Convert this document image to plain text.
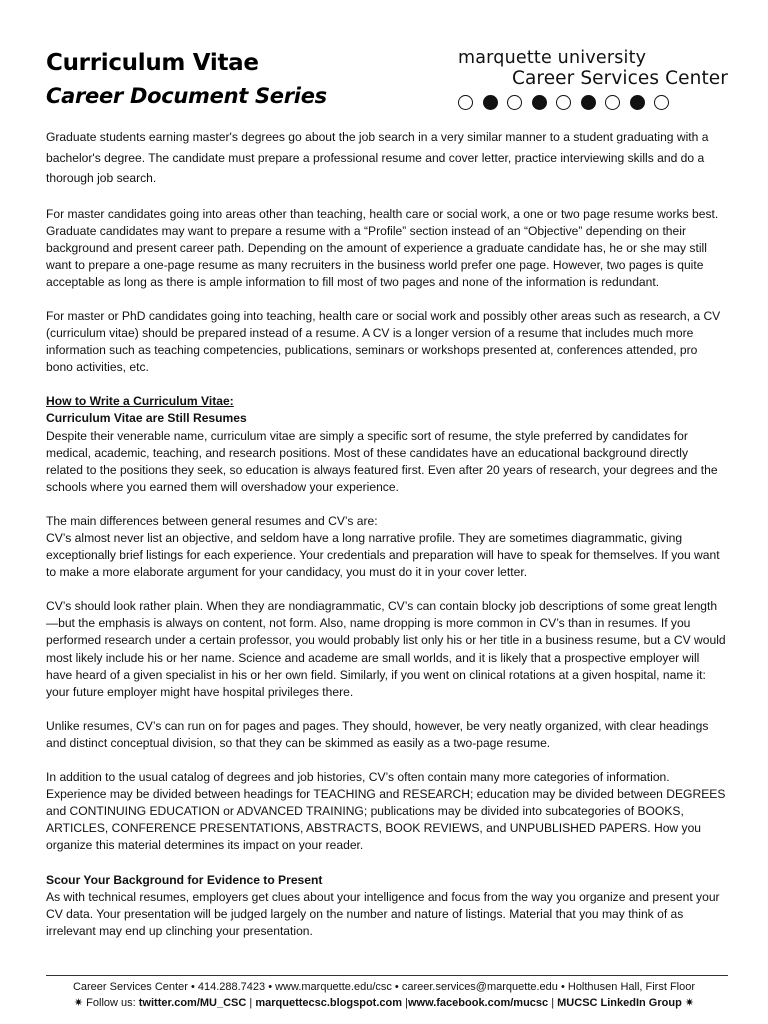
Curriculum Vitae
Career Document Series
marquette university
Career Services Center

Graduate students earning master's degrees go about the job search in a very similar manner to a student graduating with a bachelor's degree. The candidate must prepare a professional resume and cover letter, practice interviewing skills and do a thorough job search.

For master candidates going into areas other than teaching, health care or social work, a one or two page resume works best. Graduate candidates may want to prepare a resume with a “Profile” section instead of an “Objective” depending on their background and present career path. Depending on the amount of experience a graduate candidate has, he or she may still want to prepare a one-page resume as many recruiters in the business world prefer one page. However, two pages is quite acceptable as long as there is ample information to fill most of two pages and none of the information is redundant.

For master or PhD candidates going into teaching, health care or social work and possibly other areas such as research, a CV (curriculum vitae) should be prepared instead of a resume. A CV is a longer version of a resume that includes much more information such as teaching competencies, publications, seminars or workshops presented at, conferences attended, pro bono activities, etc.

How to Write a Curriculum Vitae:

Curriculum Vitae are Still Resumes

Despite their venerable name, curriculum vitae are simply a specific sort of resume, the style preferred by candidates for medical, academic, teaching, and research positions. Most of these candidates have an educational background directly related to the positions they seek, so education is always featured first. Even after 20 years of research, your degrees and the schools where you earned them will overshadow your experience.

The main differences between general resumes and CV’s are:

CV’s almost never list an objective, and seldom have a long narrative profile. They are sometimes diagrammatic, giving exceptionally brief listings for each experience. Your credentials and preparation will have to speak for themselves. If you want to make a more elaborate argument for your candidacy, you must do it in your cover letter.

CV’s should look rather plain. When they are nondiagrammatic, CV’s can contain blocky job descriptions of some great length—but the emphasis is always on content, not form. Also, name dropping is more common in CV’s than in resumes. If you performed research under a certain professor, you would probably list only his or her title in a business resume, but a CV would most likely include his or her name. Science and academe are small worlds, and it is likely that a prospective employer will have heard of a given specialist in his or her own field. Similarly, if you went on clinical rotations at a given hospital, name it: your future employer might have hospital privileges there.

Unlike resumes, CV’s can run on for pages and pages. They should, however, be very neatly organized, with clear headings and distinct conceptual division, so that they can be skimmed as easily as a two-page resume.

In addition to the usual catalog of degrees and job histories, CV’s often contain many more categories of information. Experience may be divided between headings for TEACHING and RESEARCH; education may be divided between DEGREES and CONTINUING EDUCATION or ADVANCED TRAINING; publications may be divided into subcategories of BOOKS, ARTICLES, CONFERENCE PRESENTATIONS, ABSTRACTS, BOOK REVIEWS, and UNPUBLISHED PAPERS. How you organize this material determines its impact on your reader.

Scour Your Background for Evidence to Present

As with technical resumes, employers get clues about your intelligence and focus from the way you organize and present your CV data. Your presentation will be judged largely on the number and nature of listings. Material that you may think of as irrelevant may end up clinching your presentation.

Career Services Center • 414.288.7423 • www.marquette.edu/csc • career.services@marquette.edu • Holthusen Hall, First Floor
✷ Follow us: twitter.com/MU_CSC | marquettecsc.blogspot.com |www.facebook.com/mucsc | MUCSC LinkedIn Group ✷
